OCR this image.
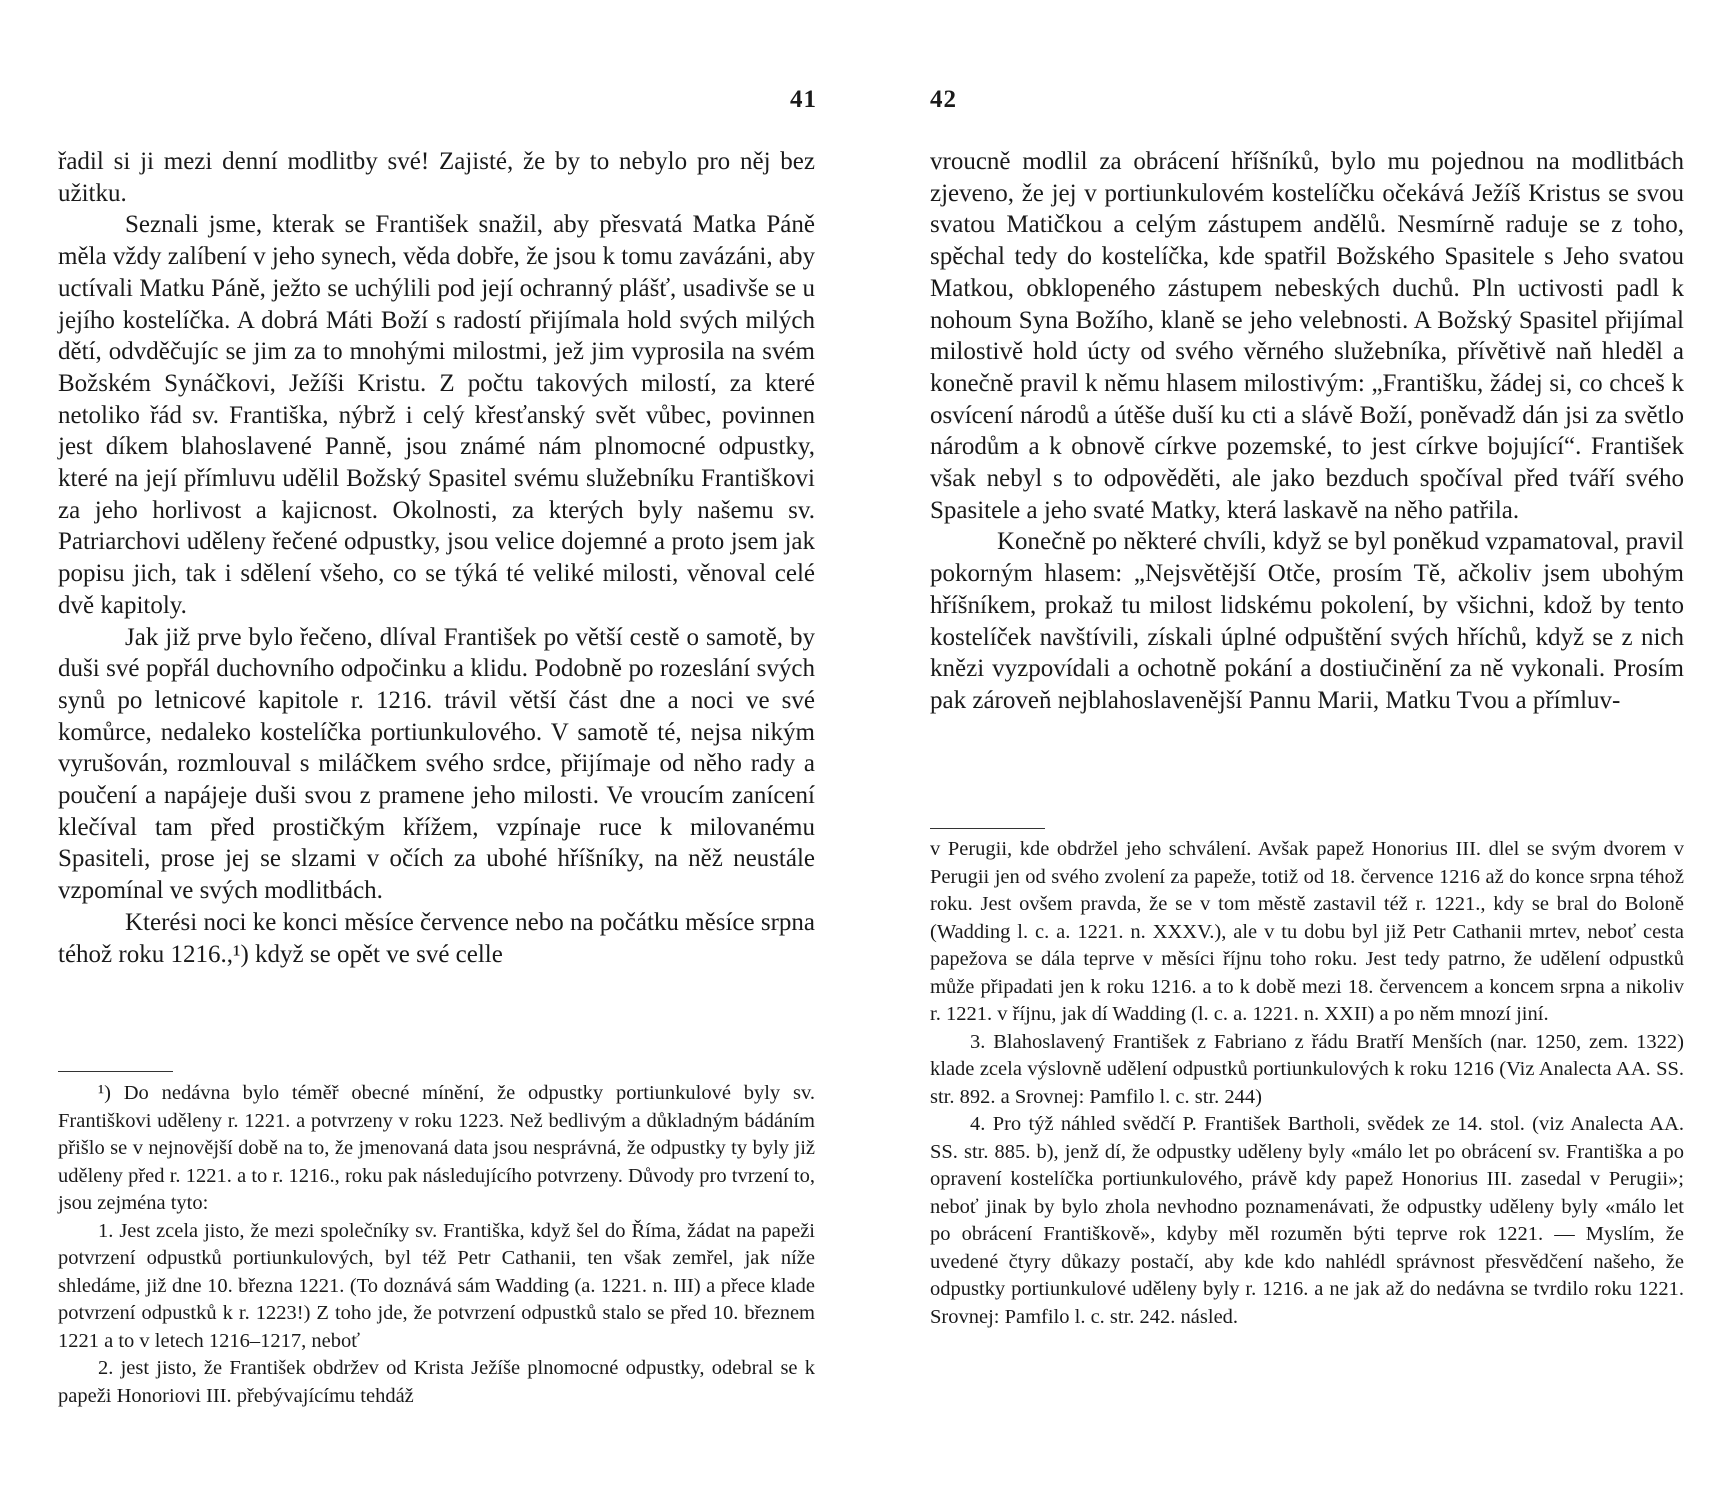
41

řadil si ji mezi denní modlitby své! Zajisté, že by to nebylo pro něj bez užitku.

Seznali jsme, kterak se František snažil, aby přesvatá Matka Páně měla vždy zalíbení v jeho synech, věda dobře, že jsou k tomu zavázáni, aby uctívali Matku Páně, ježto se uchýlili pod její ochranný plášť, usadivše se u jejího kostelíčka. A dobrá Máti Boží s radostí přijímala hold svých milých dětí, odvděčujíc se jim za to mnohými milostmi, jež jim vyprosila na svém Božském Synáčkovi, Ježíši Kristu. Z počtu takových milostí, za které netoliko řád sv. Františka, nýbrž i celý křesťanský svět vůbec, povinnen jest díkem blahoslavené Panně, jsou známé nám plnomocné odpustky, které na její přímluvu udělil Božský Spasitel svému služebníku Františkovi za jeho horlivost a kajicnost. Okolnosti, za kterých byly našemu sv. Patriarchovi uděleny řečené odpustky, jsou velice dojemné a proto jsem jak popisu jich, tak i sdělení všeho, co se týká té veliké milosti, věnoval celé dvě kapitoly.

Jak již prve bylo řečeno, dlíval František po větší cestě o samotě, by duši své popřál duchovního odpočinku a klidu. Podobně po rozeslání svých synů po letnicové kapitole r. 1216. trávil větší část dne a noci ve své komůrce, nedaleko kostelíčka portiunkulového. V samotě té, nejsa nikým vyrušován, rozmlouval s miláčkem svého srdce, přijímaje od něho rady a poučení a napájeje duši svou z pramene jeho milosti. Ve vroucím zanícení klečíval tam před prostičkým křížem, vzpínaje ruce k milovanému Spasiteli, prose jej se slzami v očích za ubohé hříšníky, na něž neustále vzpomínal ve svých modlitbách.

Kterési noci ke konci měsíce července nebo na počátku měsíce srpna téhož roku 1216.,¹) když se opět ve své celle

¹) Do nedávna bylo téměř obecné mínění, že odpustky portiunkulové byly sv. Františkovi uděleny r. 1221. a potvrzeny v roku 1223. Než bedlivým a důkladným bádáním přišlo se v nejnovější době na to, že jmenovaná data jsou nesprávná, že odpustky ty byly již uděleny před r. 1221. a to r. 1216., roku pak následujícího potvrzeny. Důvody pro tvrzení to, jsou zejména tyto:

1. Jest zcela jisto, že mezi společníky sv. Františka, když šel do Říma, žádat na papeži potvrzení odpustků portiunkulových, byl též Petr Cathanii, ten však zemřel, jak níže shledáme, již dne 10. března 1221. (To doznává sám Wadding (a. 1221. n. III) a přece klade potvrzení odpustků k r. 1223!) Z toho jde, že potvrzení odpustků stalo se před 10. březnem 1221 a to v letech 1216–1217, neboť

2. jest jisto, že František obdržev od Krista Ježíše plnomocné odpustky, odebral se k papeži Honoriovi III. přebývajícímu tehdáž

42

vroucně modlil za obrácení hříšníků, bylo mu pojednou na modlitbách zjeveno, že jej v portiunkulovém kostelíčku očekává Ježíš Kristus se svou svatou Matičkou a celým zástupem andělů. Nesmírně raduje se z toho, spěchal tedy do kostelíčka, kde spatřil Božského Spasitele s Jeho svatou Matkou, obklopeného zástupem nebeských duchů. Pln uctivosti padl k nohoum Syna Božího, klaně se jeho velebnosti. A Božský Spasitel přijímal milostivě hold úcty od svého věrného služebníka, přívětivě naň hleděl a konečně pravil k němu hlasem milostivým: „Františku, žádej si, co chceš k osvícení národů a útěše duší ku cti a slávě Boží, poněvadž dán jsi za světlo národům a k obnově církve pozemské, to jest církve bojující“. František však nebyl s to odpověděti, ale jako bezduch spočíval před tváří svého Spasitele a jeho svaté Matky, která laskavě na něho patřila.

Konečně po některé chvíli, když se byl poněkud vzpamatoval, pravil pokorným hlasem: „Nejsvětější Otče, prosím Tě, ačkoliv jsem ubohým hříšníkem, prokaž tu milost lidskému pokolení, by všichni, kdož by tento kostelíček navštívili, získali úplné odpuštění svých hříchů, když se z nich knězi vyzpovídali a ochotně pokání a dostiučinění za ně vykonali. Prosím pak zároveň nejblahoslavenější Pannu Marii, Matku Tvou a přímluv-

v Perugii, kde obdržel jeho schválení. Avšak papež Honorius III. dlel se svým dvorem v Perugii jen od svého zvolení za papeže, totiž od 18. července 1216 až do konce srpna téhož roku. Jest ovšem pravda, že se v tom městě zastavil též r. 1221., kdy se bral do Boloně (Wadding l. c. a. 1221. n. XXXV.), ale v tu dobu byl již Petr Cathanii mrtev, neboť cesta papežova se dála teprve v měsíci říjnu toho roku. Jest tedy patrno, že udělení odpustků může připadati jen k roku 1216. a to k době mezi 18. červencem a koncem srpna a nikoliv r. 1221. v říjnu, jak dí Wadding (l. c. a. 1221. n. XXII) a po něm mnozí jiní.

3. Blahoslavený František z Fabriano z řádu Bratří Menších (nar. 1250, zem. 1322) klade zcela výslovně udělení odpustků portiunkulových k roku 1216 (Viz Analecta AA. SS. str. 892. a Srovnej: Pamfilo l. c. str. 244)

4. Pro týž náhled svědčí P. František Bartholi, svědek ze 14. stol. (viz Analecta AA. SS. str. 885. b), jenž dí, že odpustky uděleny byly «málo let po obrácení sv. Františka a po opravení kostelíčka portiunkulového, právě kdy papež Honorius III. zasedal v Perugii»; neboť jinak by bylo zhola nevhodno poznamenávati, že odpustky uděleny byly «málo let po obrácení Františkově», kdyby měl rozuměn býti teprve rok 1221. — Myslím, že uvedené čtyry důkazy postačí, aby kde kdo nahlédl správnost přesvědčení našeho, že odpustky portiunkulové uděleny byly r. 1216. a ne jak až do nedávna se tvrdilo roku 1221. Srovnej: Pamfilo l. c. str. 242. násled.
